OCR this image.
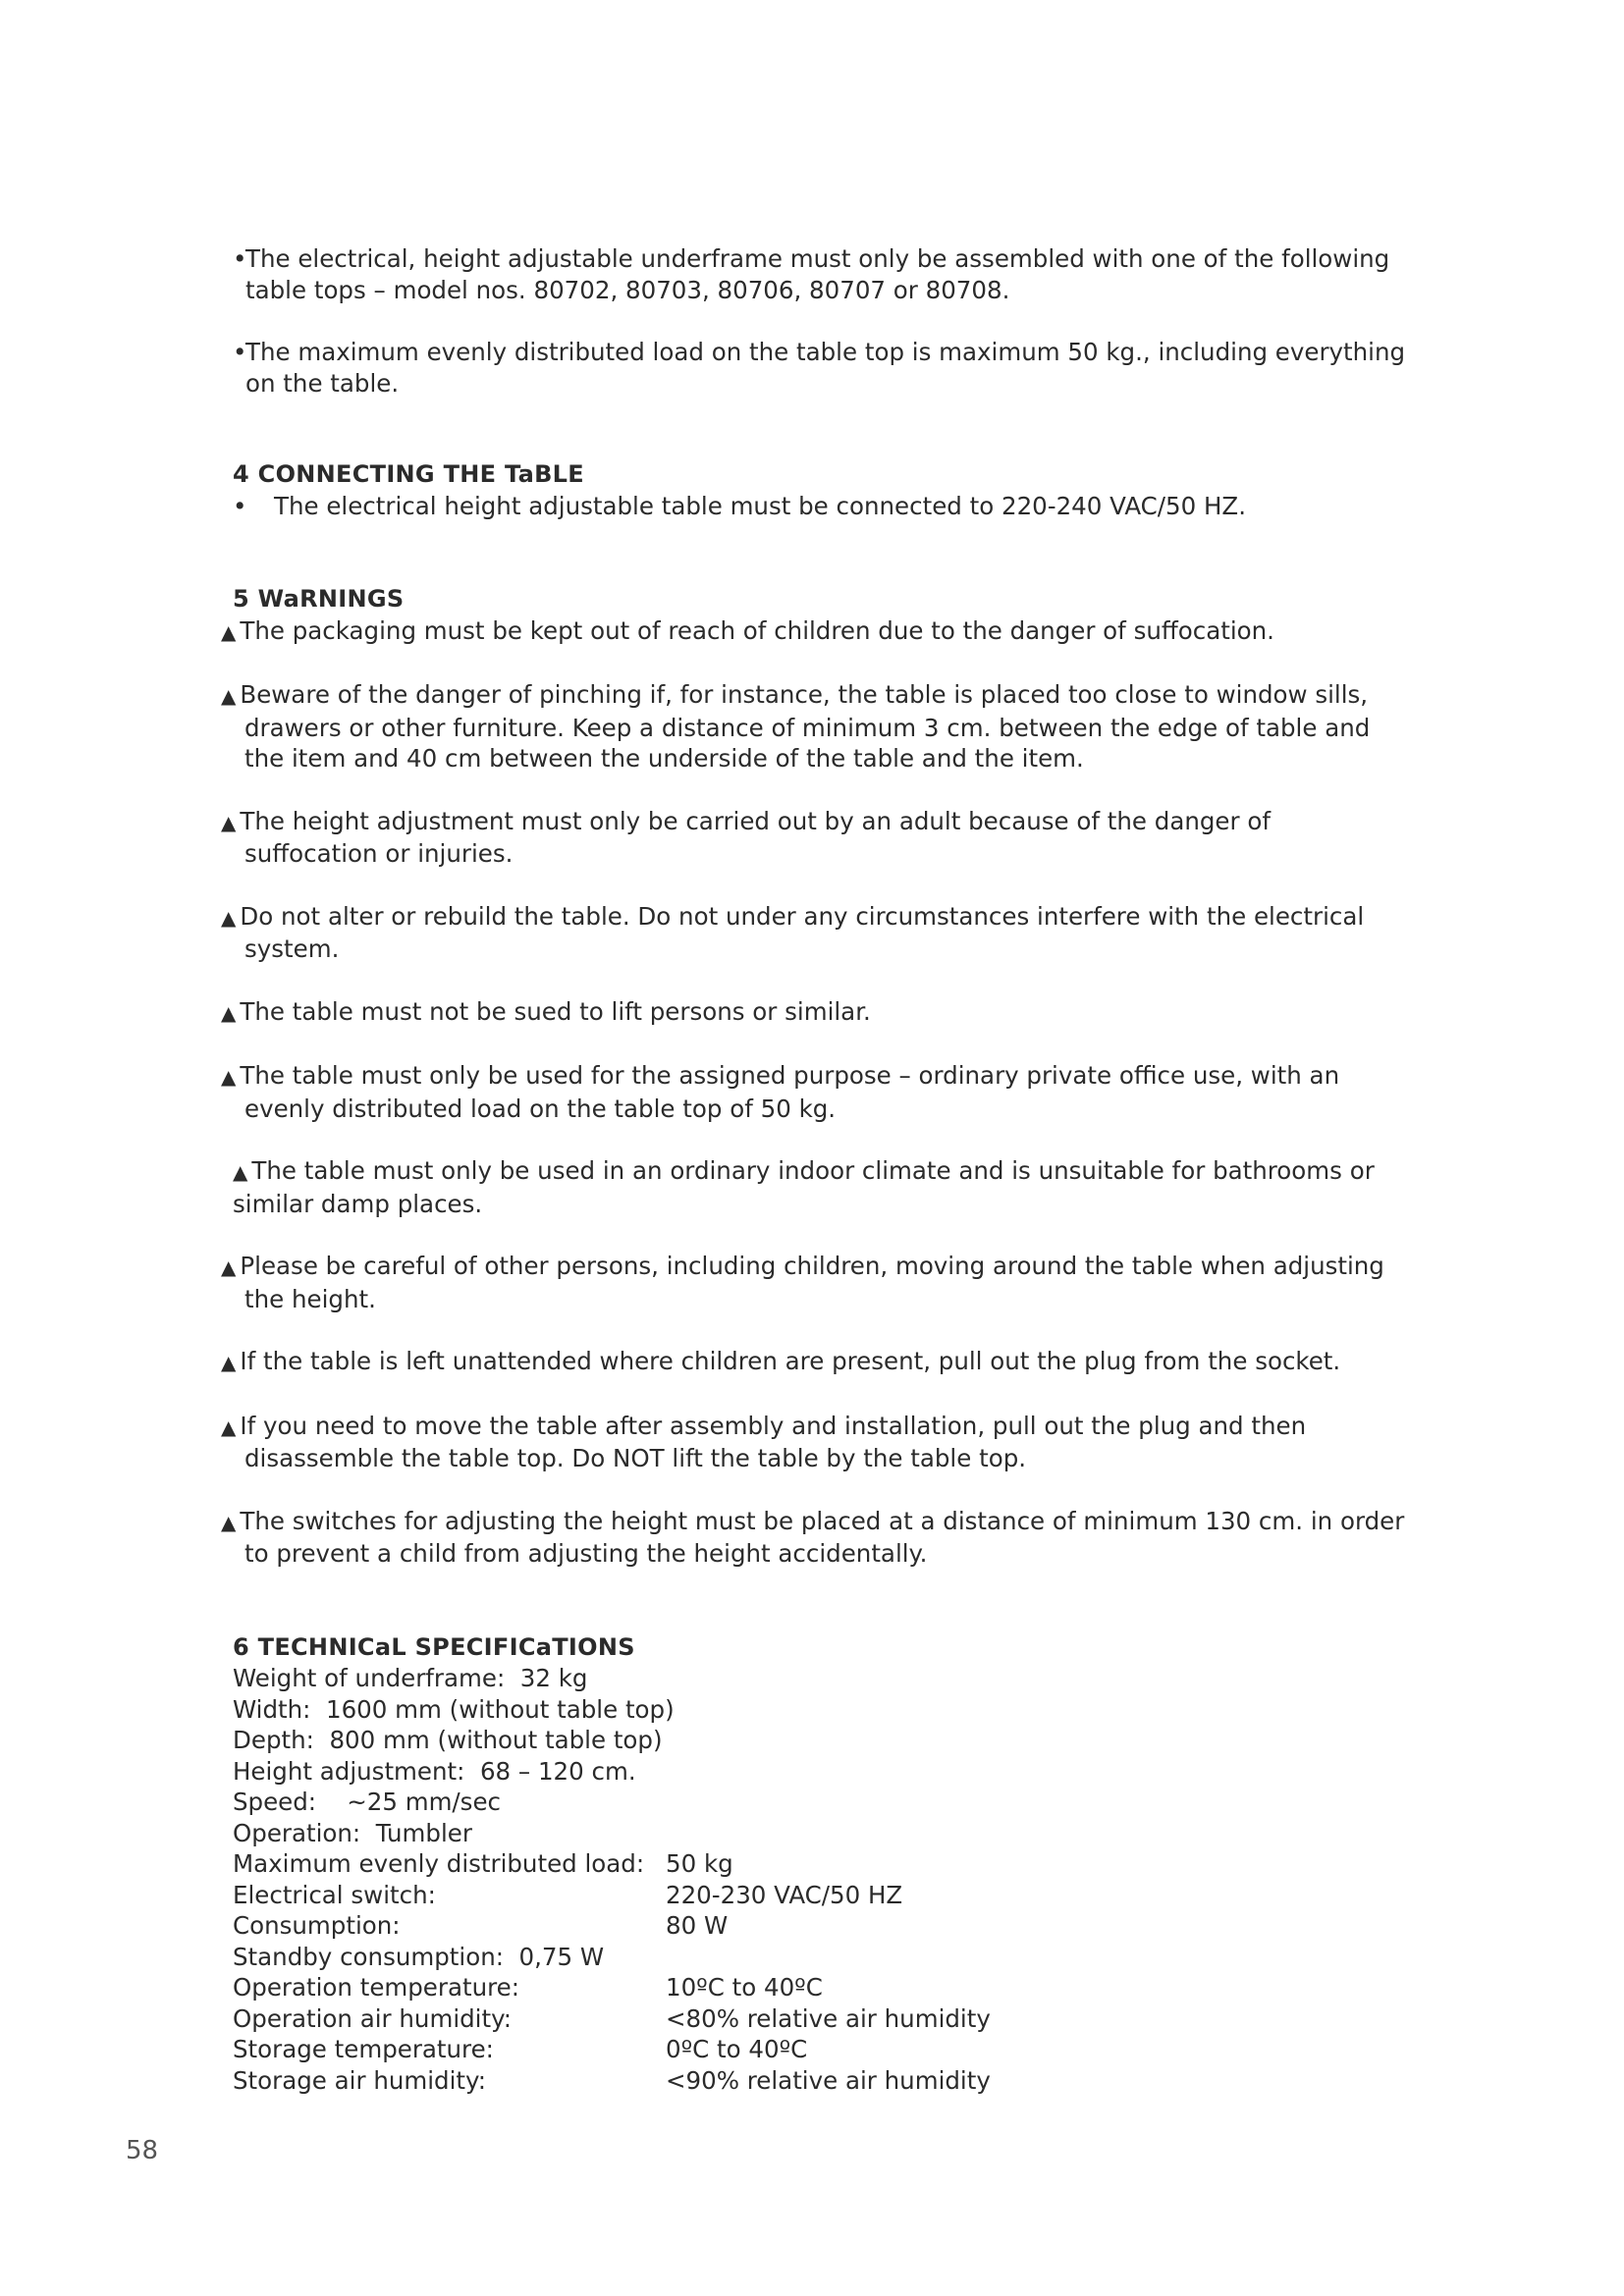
•
The electrical, height adjustable underframe must only be assembled with one of the following table tops – model nos. 80702, 80703, 80706, 80707 or 80708.
•
The maximum evenly distributed load on the table top is maximum 50 kg., including everything on the table.
4 CONNECTING THE TaBLE
• The electrical height adjustable table must be connected to 220-240 VAC/50 HZ.
5 WaRNINGS
▲ The packaging must be kept out of reach of children due to the danger of suffocation.
▲ Beware of the danger of pinching if, for instance, the table is placed too close to window sills, drawers or other furniture. Keep a distance of minimum 3 cm. between the edge of table and the item and 40 cm between the underside of the table and the item.
▲ The height adjustment must only be carried out by an adult because of the danger of suffocation or injuries.
▲ Do not alter or rebuild the table. Do not under any circumstances interfere with the electrical system.
▲ The table must not be sued to lift persons or similar.
▲ The table must only be used for the assigned purpose – ordinary private office use, with an evenly distributed load on the table top of 50 kg.
▲ The table must only be used in an ordinary indoor climate and is unsuitable for bathrooms or similar damp places.
▲ Please be careful of other persons, including children, moving around the table when adjusting the height.
▲ If the table is left unattended where children are present, pull out the plug from the socket.
▲ If you need to move the table after assembly and installation, pull out the plug and then disassemble the table top. Do NOT lift the table by the table top.
▲ The switches for adjusting the height must be placed at a distance of minimum 130 cm. in order to prevent a child from adjusting the height accidentally.
6 TECHNICaL SPECIFICaTIONS
Weight of underframe:  32 kg
Width:  1600 mm (without table top)
Depth:  800 mm (without table top)
Height adjustment:  68 – 120 cm.
Speed:    ~25 mm/sec
Operation:  Tumbler
Maximum evenly distributed load: 50 kg
Electrical switch:	220-230 VAC/50 HZ
Consumption:	80 W
Standby consumption:  0,75 W
Operation temperature:	10ºC to 40ºC
Operation air humidity:	<80% relative air humidity
Storage temperature:	0ºC to 40ºC
Storage air humidity:	<90% relative air humidity
58
